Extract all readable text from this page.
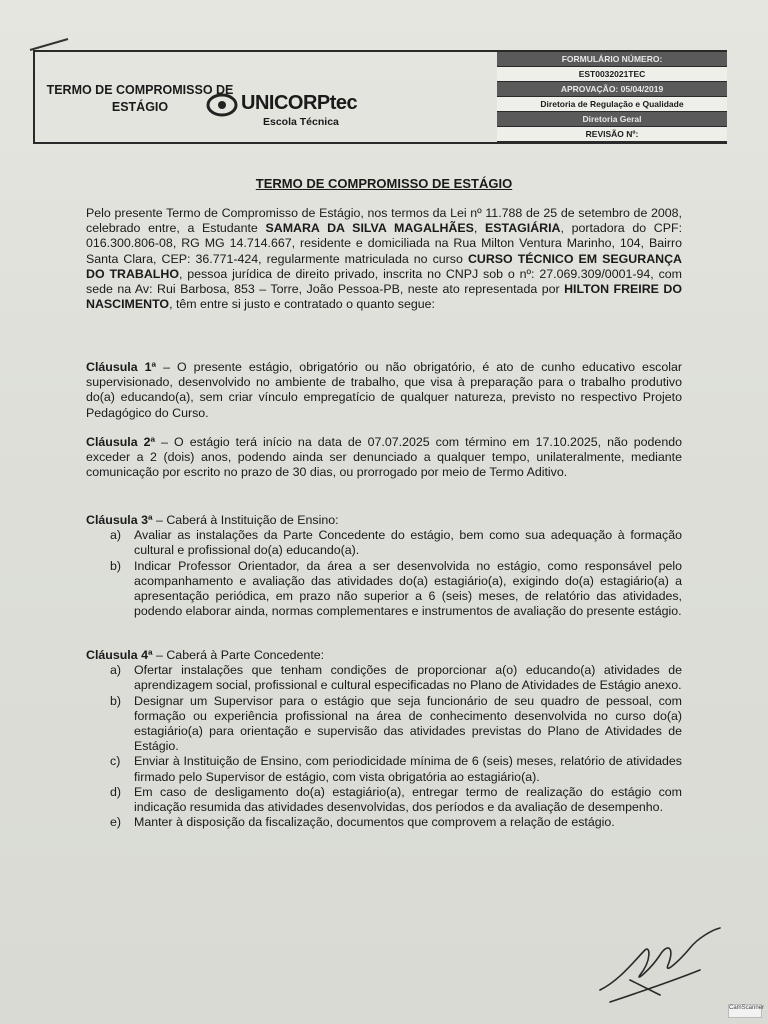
TERMO DE COMPROMISSO DE ESTÁGIO	UNICORPtec
Escola Técnica
FORMULÁRIO NÚMERO:
EST0032021TEC
APROVAÇÃO: 05/04/2019
Diretoria de Regulação e Qualidade
Diretoria Geral
REVISÃO Nº:
TERMO DE COMPROMISSO DE ESTÁGIO
Pelo presente Termo de Compromisso de Estágio, nos termos da Lei nº 11.788 de 25 de setembro de 2008, celebrado entre, a Estudante SAMARA DA SILVA MAGALHÃES, ESTAGIÁRIA, portadora do CPF: 016.300.806-08, RG MG 14.714.667, residente e domiciliada na Rua Milton Ventura Marinho, 104, Bairro Santa Clara, CEP: 36.771-424, regularmente matriculada no curso CURSO TÉCNICO EM SEGURANÇA DO TRABALHO, pessoa jurídica de direito privado, inscrita no CNPJ sob o nº: 27.069.309/0001-94, com sede na Av: Rui Barbosa, 853 – Torre, João Pessoa-PB, neste ato representada por HILTON FREIRE DO NASCIMENTO, têm entre si justo e contratado o quanto segue:
Cláusula 1ª – O presente estágio, obrigatório ou não obrigatório, é ato de cunho educativo escolar supervisionado, desenvolvido no ambiente de trabalho, que visa à preparação para o trabalho produtivo do(a) educando(a), sem criar vínculo empregatício de qualquer natureza, previsto no respectivo Projeto Pedagógico do Curso.
Cláusula 2ª – O estágio terá início na data de 07.07.2025 com término em 17.10.2025, não podendo exceder a 2 (dois) anos, podendo ainda ser denunciado a qualquer tempo, unilateralmente, mediante comunicação por escrito no prazo de 30 dias, ou prorrogado por meio de Termo Aditivo.
Cláusula 3ª – Caberá à Instituição de Ensino:
a) Avaliar as instalações da Parte Concedente do estágio, bem como sua adequação à formação cultural e profissional do(a) educando(a).
b) Indicar Professor Orientador, da área a ser desenvolvida no estágio, como responsável pelo acompanhamento e avaliação das atividades do(a) estagiário(a), exigindo do(a) estagiário(a) a apresentação periódica, em prazo não superior a 6 (seis) meses, de relatório das atividades, podendo elaborar ainda, normas complementares e instrumentos de avaliação do presente estágio.
Cláusula 4ª – Caberá à Parte Concedente:
a) Ofertar instalações que tenham condições de proporcionar a(o) educando(a) atividades de aprendizagem social, profissional e cultural especificadas no Plano de Atividades de Estágio anexo.
b) Designar um Supervisor para o estágio que seja funcionário de seu quadro de pessoal, com formação ou experiência profissional na área de conhecimento desenvolvida no curso do(a) estagiário(a) para orientação e supervisão das atividades previstas do Plano de Atividades de Estágio.
c) Enviar à Instituição de Ensino, com periodicidade mínima de 6 (seis) meses, relatório de atividades firmado pelo Supervisor de estágio, com vista obrigatória ao estagiário(a).
d) Em caso de desligamento do(a) estagiário(a), entregar termo de realização do estágio com indicação resumida das atividades desenvolvidas, dos períodos e da avaliação de desempenho.
e) Manter à disposição da fiscalização, documentos que comprovem a relação de estágio.
CamScanner
